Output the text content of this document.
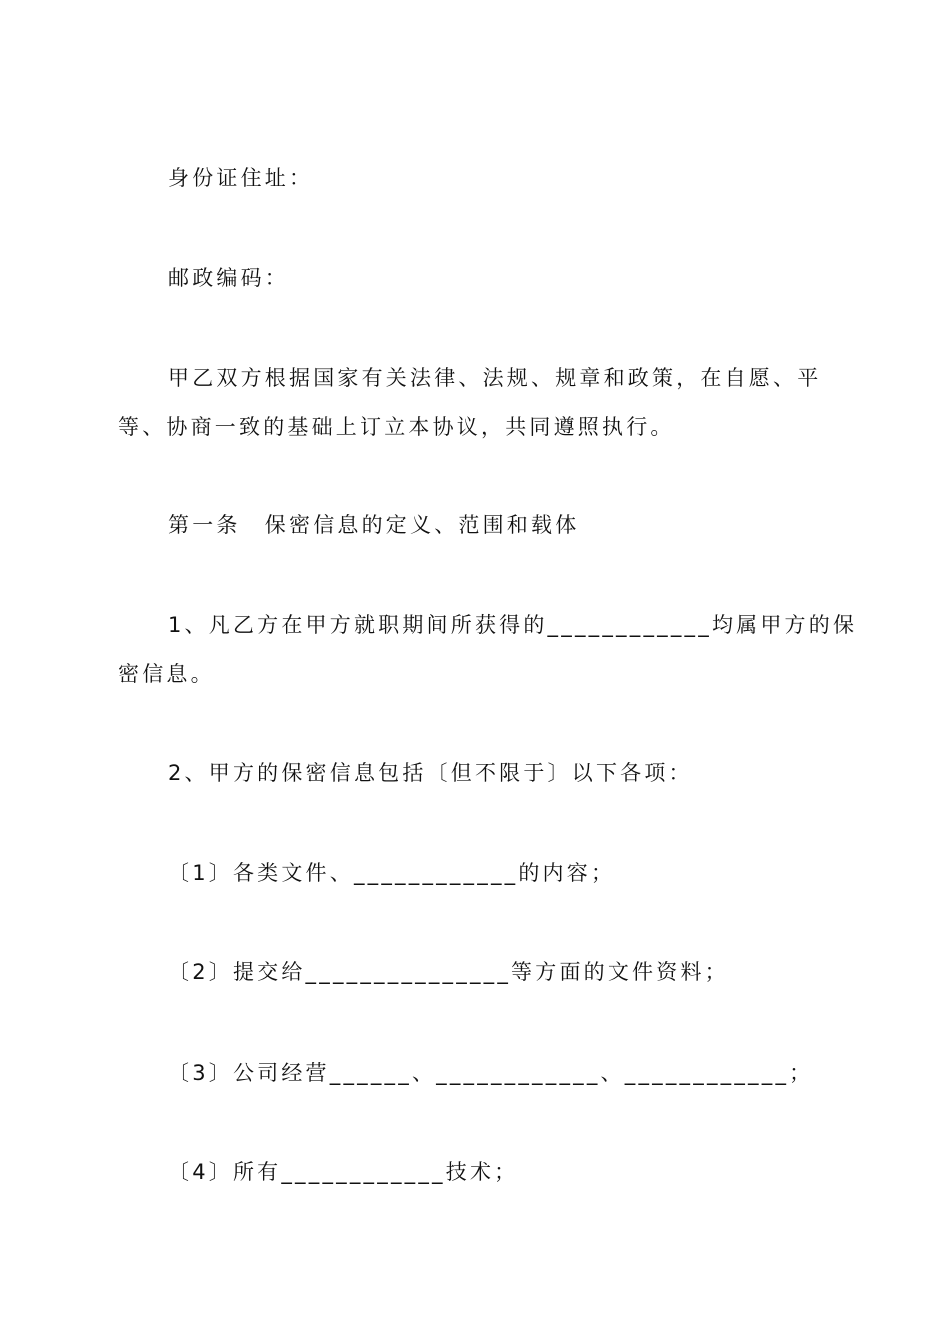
身份证住址：

邮政编码：

甲乙双方根据国家有关法律、法规、规章和政策，在自愿、平

等、协商一致的基础上订立本协议，共同遵照执行。

第一条　保密信息的定义、范围和载体

1、凡乙方在甲方就职期间所获得的____________均属甲方的保

密信息。

2、甲方的保密信息包括〔但不限于〕以下各项：

〔1〕各类文件、____________的内容；

〔2〕提交给_______________等方面的文件资料；

〔3〕公司经营______、____________、____________；

〔4〕所有____________技术；
